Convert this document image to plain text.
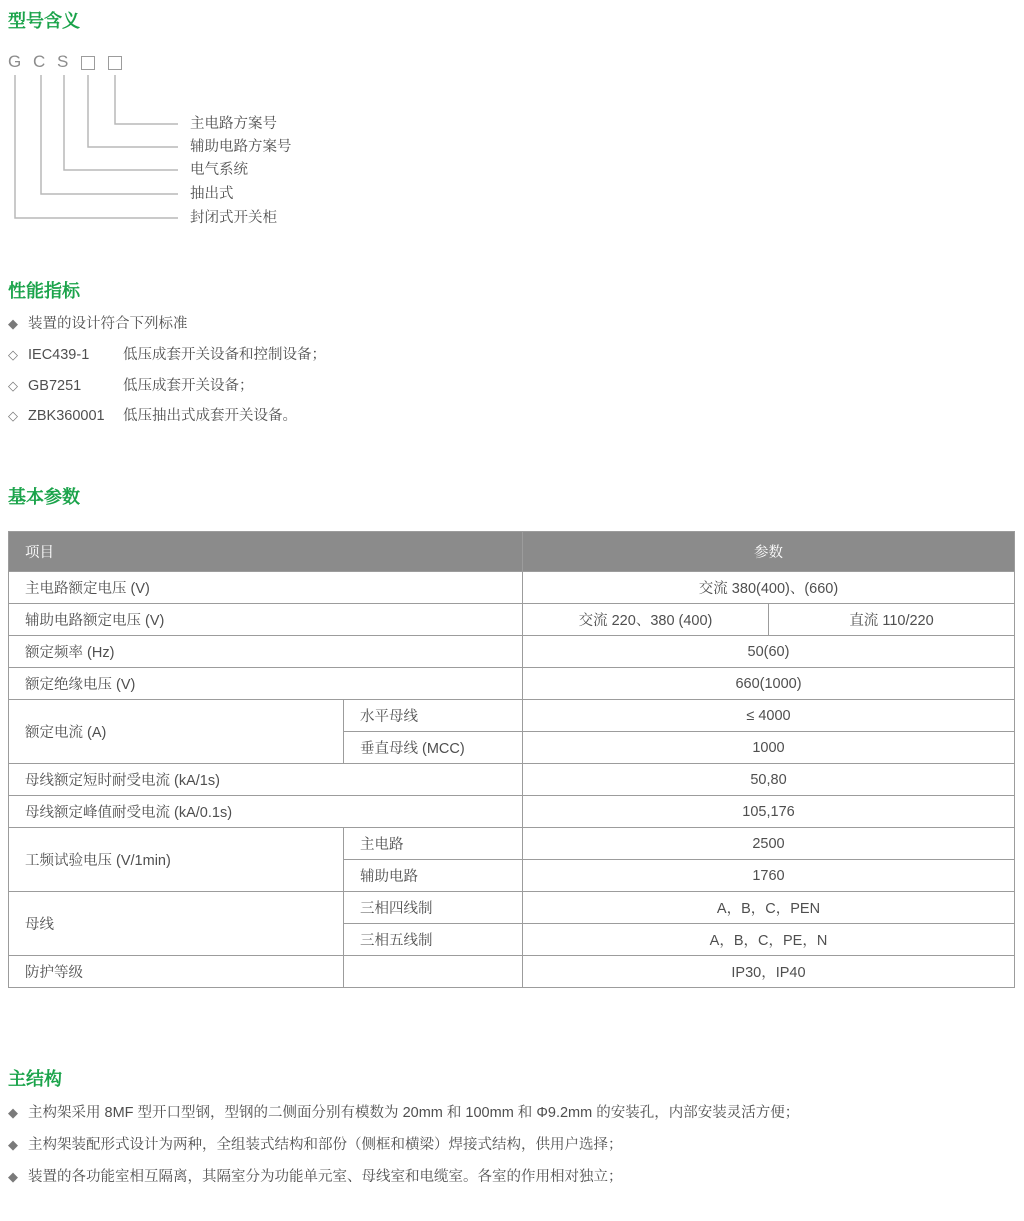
型号含义
G C S
主电路方案号
辅助电路方案号
电气系统
抽出式
封闭式开关柜
性能指标
◆ 装置的设计符合下列标准
◇ IEC439-1	低压成套开关设备和控制设备；
◇ GB7251	低压成套开关设备；
◇ ZBK360001	低压抽出式成套开关设备。
基本参数
项目		参数	
主电路额定电压 (V)		交流 380(400)、(660)	
辅助电路额定电压 (V)		交流 220、380 (400)	直流 110/220
额定频率 (Hz)		50(60)	
额定绝缘电压 (V)		660(1000)	
额定电流 (A)	水平母线	≤ 4000	
	垂直母线 (MCC)	1000	
母线额定短时耐受电流 (kA/1s)		50,80	
母线额定峰值耐受电流 (kA/0.1s)		105,176	
工频试验电压 (V/1min)	主电路	2500	
	辅助电路	1760	
母线	三相四线制	A，B，C，PEN	
	三相五线制	A，B，C，PE，N	
防护等级		IP30，IP40	
主结构
◆ 主构架采用 8MF 型开口型钢，型钢的二侧面分别有模数为 20mm 和 100mm 和 Φ9.2mm 的安装孔，内部安装灵活方便；
◆ 主构架装配形式设计为两种，全组装式结构和部份（侧框和横梁）焊接式结构，供用户选择；
◆ 装置的各功能室相互隔离，其隔室分为功能单元室、母线室和电缆室。各室的作用相对独立；
